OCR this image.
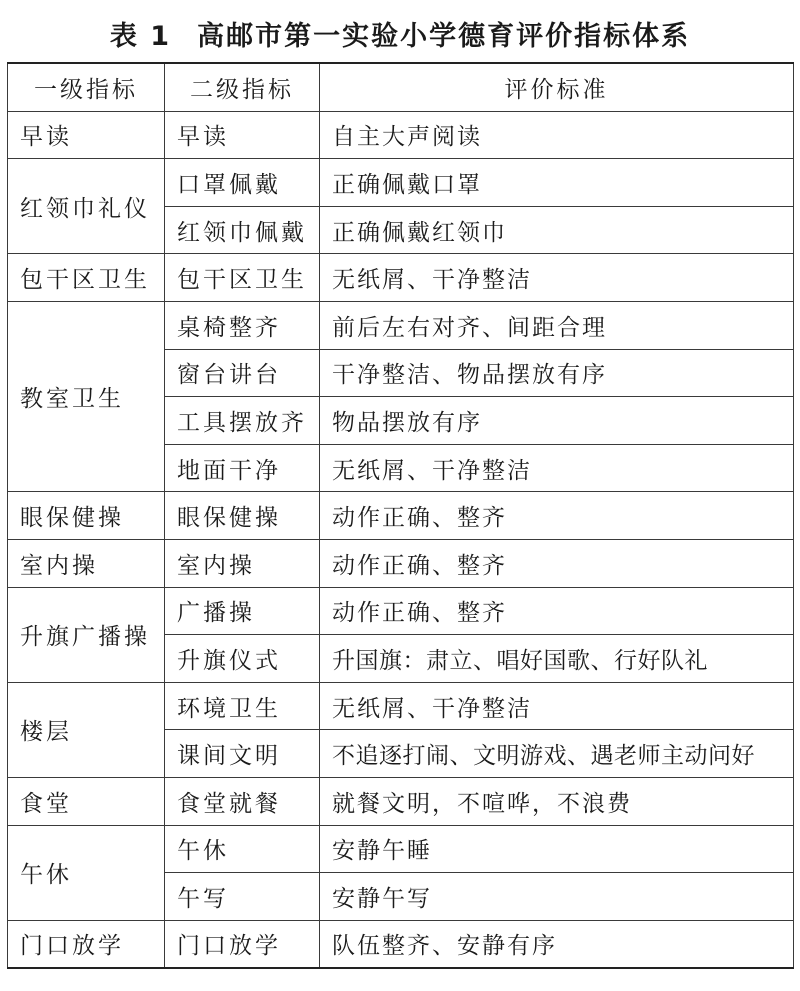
表 1 高邮市第一实验小学德育评价指标体系
一级指标	二级指标	评价标准
早读	早读	自主大声阅读
红领巾礼仪	口罩佩戴	正确佩戴口罩
	红领巾佩戴	正确佩戴红领巾
包干区卫生	包干区卫生	无纸屑、干净整洁
教室卫生	桌椅整齐	前后左右对齐、间距合理
	窗台讲台	干净整洁、物品摆放有序
	工具摆放齐	物品摆放有序
	地面干净	无纸屑、干净整洁
眼保健操	眼保健操	动作正确、整齐
室内操	室内操	动作正确、整齐
升旗广播操	广播操	动作正确、整齐
	升旗仪式	升国旗：肃立、唱好国歌、行好队礼
楼层	环境卫生	无纸屑、干净整洁
	课间文明	不追逐打闹、文明游戏、遇老师主动问好
食堂	食堂就餐	就餐文明，不喧哗，不浪费
午休	午休	安静午睡
	午写	安静午写
门口放学	门口放学	队伍整齐、安静有序
